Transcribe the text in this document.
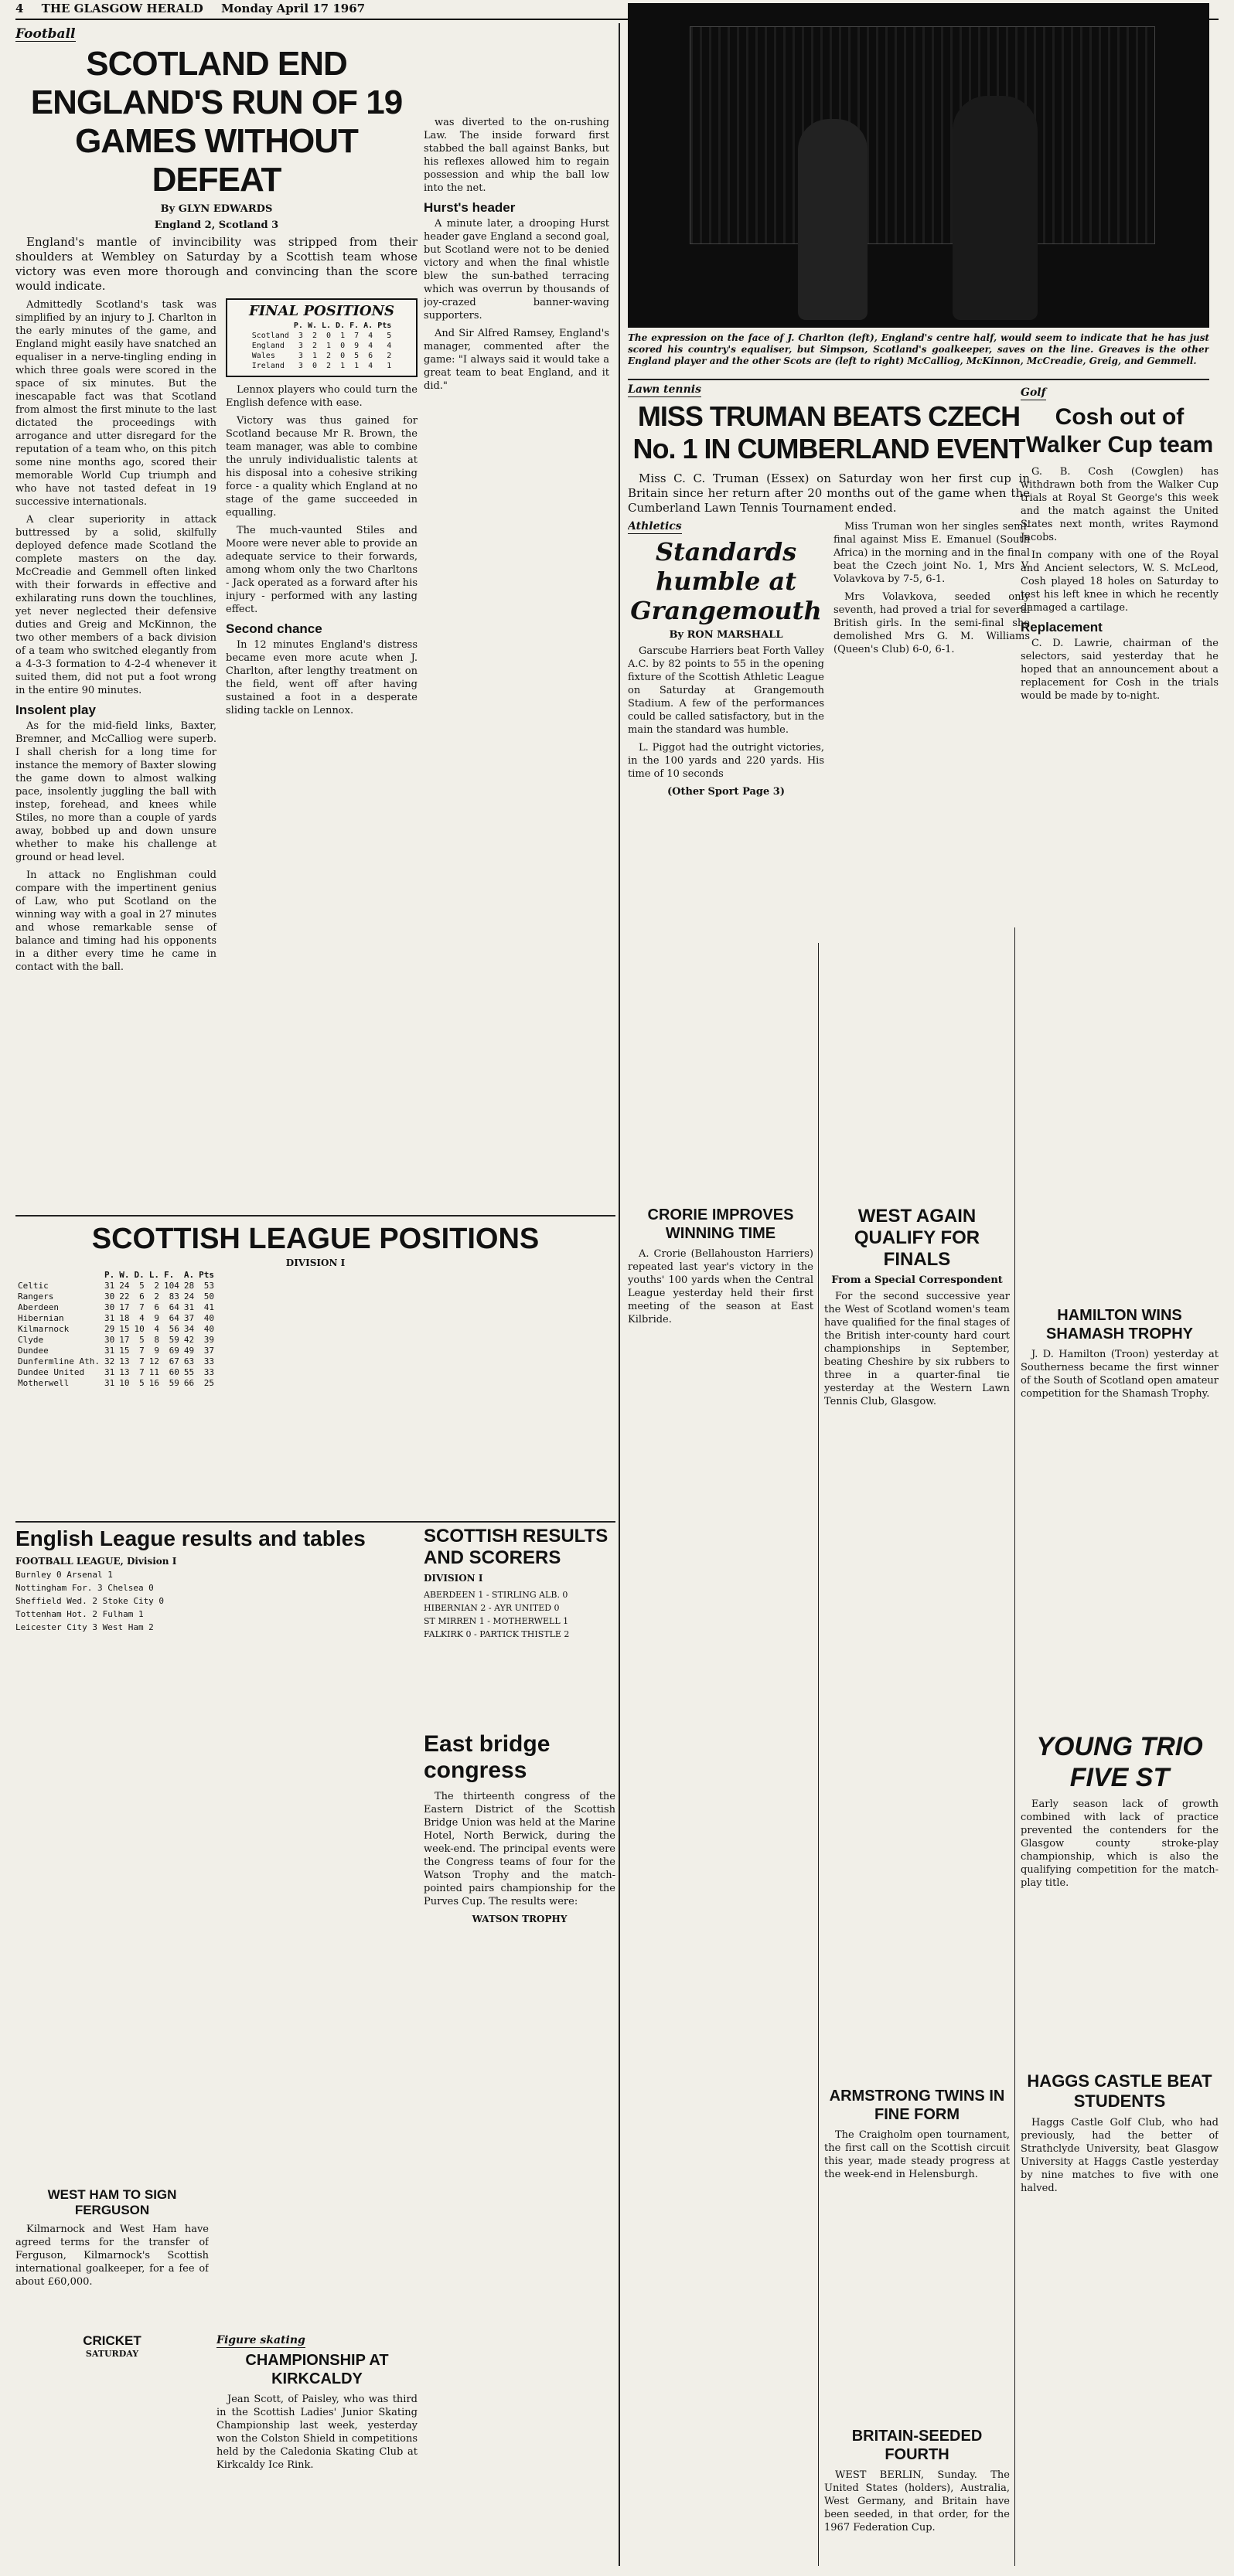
4 THE GLASGOW HERALD Monday April 17 1967
Football
SCOTLAND END ENGLAND'S RUN OF 19 GAMES WITHOUT DEFEAT
By GLYN EDWARDS
England 2, Scotland 3

England's mantle of invincibility was stripped from their shoulders at Wembley on Saturday by a Scottish team whose victory was even more thorough and convincing than the score would indicate.

Admittedly Scotland's task was simplified by an injury to J. Charlton in the early minutes of the game, and England might easily have snatched an equaliser in a nerve-tingling ending in which three goals were scored in the space of six minutes. But the inescapable fact was that Scotland from almost the first minute to the last dictated the proceedings with arrogance and utter disregard for the reputation of a team who, on this pitch some nine months ago, scored their memorable World Cup triumph and who have not tasted defeat in 19 successive internationals.

A clear superiority in attack buttressed by a solid, skilfully deployed defence made Scotland the complete masters on the day. McCreadie and Gemmell often linked with their forwards in effective and exhilarating runs down the touchlines, yet never neglected their defensive duties and Greig and McKinnon, the two other members of a back division of a team who switched elegantly from a 4-3-3 formation to 4-2-4 whenever it suited them, did not put a foot wrong in the entire 90 minutes.

Insolent play

As for the mid-field links, Baxter, Bremner, and McCalliog were superb. I shall cherish for a long time for instance the memory of Baxter slowing the game down to almost walking pace, insolently juggling the ball with instep, forehead, and knees while Stiles, no more than a couple of yards away, bobbed up and down unsure whether to make his challenge at ground or head level.

In attack no Englishman could compare with the impertinent genius of Law, who put Scotland on the winning way with a goal in 27 minutes and whose remarkable sense of balance and timing had his opponents in a dither every time he came in contact with the ball.

FINAL POSITIONS
	P.	W.	L.	D.	F.	A.	Pts
Scotland	3	2	0	1	7	4	5
England	3	2	1	0	9	4	4
Wales	3	1	2	0	5	6	2
Ireland	3	0	2	1	1	4	1

Lennox players who could turn the English defence with ease.

Victory was thus gained for Scotland because Mr R. Brown, the team manager, was able to combine the unruly individualistic talents at his disposal into a cohesive striking force - a quality which England at no stage of the game succeeded in equalling.

The much-vaunted Stiles and Moore were never able to provide an adequate service to their forwards, among whom only the two Charltons - Jack operated as a forward after his injury - performed with any lasting effect.

Second chance

In 12 minutes England's distress became even more acute when J. Charlton, after lengthy treatment on the field, went off after having sustained a foot in a desperate sliding tackle on Lennox.

was diverted to the on-rushing Law. The inside forward first stabbed the ball against Banks, but his reflexes allowed him to regain possession and whip the ball low into the net.

Hurst's header

A minute later, a drooping Hurst header gave England a second goal, but Scotland were not to be denied victory and when the final whistle blew the sun-bathed terracing which was overrun by thousands of joy-crazed banner-waving supporters.

And Sir Alfred Ramsey, England's manager, commented after the game: "I always said it would take a great team to beat England, and it did."

SCOTTISH LEAGUE POSITIONS
DIVISION I
	P.	W.	D.	L.	F.	A.	Pts
Celtic	31	24	5	2	104	28	53
Rangers	30	22	6	2	83	24	50
Aberdeen	30	17	7	6	64	31	41
Hibernian	31	18	4	9	64	37	40
Kilmarnock	29	15	10	4	56	34	40
Clyde	30	17	5	8	59	42	39
Dundee	31	15	7	9	69	49	37
Dunfermline Ath.	32	13	7	12	67	63	33
Dundee United	31	13	7	11	60	55	33
Motherwell	31	10	5	16	59	66	25
English League results and tables
FOOTBALL LEAGUE, Division I
Burnley 0 Arsenal 1
Nottingham For. 3 Chelsea 0
Sheffield Wed. 2 Stoke City 0
Tottenham Hot. 2 Fulham 1
Leicester City 3 West Ham 2
SCOTTISH RESULTS AND SCORERS
DIVISION I
ABERDEEN 1 - STIRLING ALB. 0
HIBERNIAN 2 - AYR UNITED 0
ST MIRREN 1 - MOTHERWELL 1
FALKIRK 0 - PARTICK THISTLE 2
East bridge congress

The thirteenth congress of the Eastern District of the Scottish Bridge Union was held at the Marine Hotel, North Berwick, during the week-end. The principal events were the Congress teams of four for the Watson Trophy and the match-pointed pairs championship for the Purves Cup. The results were:

WATSON TROPHY
WEST HAM TO SIGN FERGUSON

Kilmarnock and West Ham have agreed terms for the transfer of Ferguson, Kilmarnock's Scottish international goalkeeper, for a fee of about £60,000.

CRICKET
SATURDAY
Figure skating
CHAMPIONSHIP AT KIRKCALDY

Jean Scott, of Paisley, who was third in the Scottish Ladies' Junior Skating Championship last week, yesterday won the Colston Shield in competitions held by the Caledonia Skating Club at Kirkcaldy Ice Rink.

The expression on the face of J. Charlton (left), England's centre half, would seem to indicate that he has just scored his country's equaliser, but Simpson, Scotland's goalkeeper, saves on the line. Greaves is the other England player and the other Scots are (left to right) McCalliog, McKinnon, McCreadie, Greig, and Gemmell.
Lawn tennis
MISS TRUMAN BEATS CZECH No. 1 IN CUMBERLAND EVENT

Miss C. C. Truman (Essex) on Saturday won her first cup in Britain since her return after 20 months out of the game when the Cumberland Lawn Tennis Tournament ended.

Athletics
Standards humble at Grangemouth
By RON MARSHALL

Garscube Harriers beat Forth Valley A.C. by 82 points to 55 in the opening fixture of the Scottish Athletic League on Saturday at Grangemouth Stadium. A few of the performances could be called satisfactory, but in the main the standard was humble.

L. Piggot had the outright victories, in the 100 yards and 220 yards. His time of 10 seconds

(Other Sport Page 3)

Miss Truman won her singles semi-final against Miss E. Emanuel (South Africa) in the morning and in the final beat the Czech joint No. 1, Mrs V. Volavkova by 7-5, 6-1.

Mrs Volavkova, seeded only seventh, had proved a trial for several British girls. In the semi-final she demolished Mrs G. M. Williams (Queen's Club) 6-0, 6-1.

CRORIE IMPROVES WINNING TIME

A. Crorie (Bellahouston Harriers) repeated last year's victory in the youths' 100 yards when the Central League yesterday held their first meeting of the season at East Kilbride.

WEST AGAIN QUALIFY FOR FINALS
From a Special Correspondent

For the second successive year the West of Scotland women's team have qualified for the final stages of the British inter-county hard court championships in September, beating Cheshire by six rubbers to three in a quarter-final tie yesterday at the Western Lawn Tennis Club, Glasgow.

ARMSTRONG TWINS IN FINE FORM

The Craigholm open tournament, the first call on the Scottish circuit this year, made steady progress at the week-end in Helensburgh.

BRITAIN-SEEDED FOURTH

WEST BERLIN, Sunday. The United States (holders), Australia, West Germany, and Britain have been seeded, in that order, for the 1967 Federation Cup.

Golf
Cosh out of Walker Cup team

G. B. Cosh (Cowglen) has withdrawn both from the Walker Cup trials at Royal St George's this week and the match against the United States next month, writes Raymond Jacobs.

In company with one of the Royal and Ancient selectors, W. S. McLeod, Cosh played 18 holes on Saturday to test his left knee in which he recently damaged a cartilage.

Replacement

C. D. Lawrie, chairman of the selectors, said yesterday that he hoped that an announcement about a replacement for Cosh in the trials would be made by to-night.

HAMILTON WINS SHAMASH TROPHY

J. D. Hamilton (Troon) yesterday at Southerness became the first winner of the South of Scotland open amateur competition for the Shamash Trophy.

YOUNG TRIO FIVE ST

Early season lack of growth combined with lack of practice prevented the contenders for the Glasgow county stroke-play championship, which is also the qualifying competition for the match-play title.

HAGGS CASTLE BEAT STUDENTS

Haggs Castle Golf Club, who had previously, had the better of Strathclyde University, beat Glasgow University at Haggs Castle yesterday by nine matches to five with one halved.
